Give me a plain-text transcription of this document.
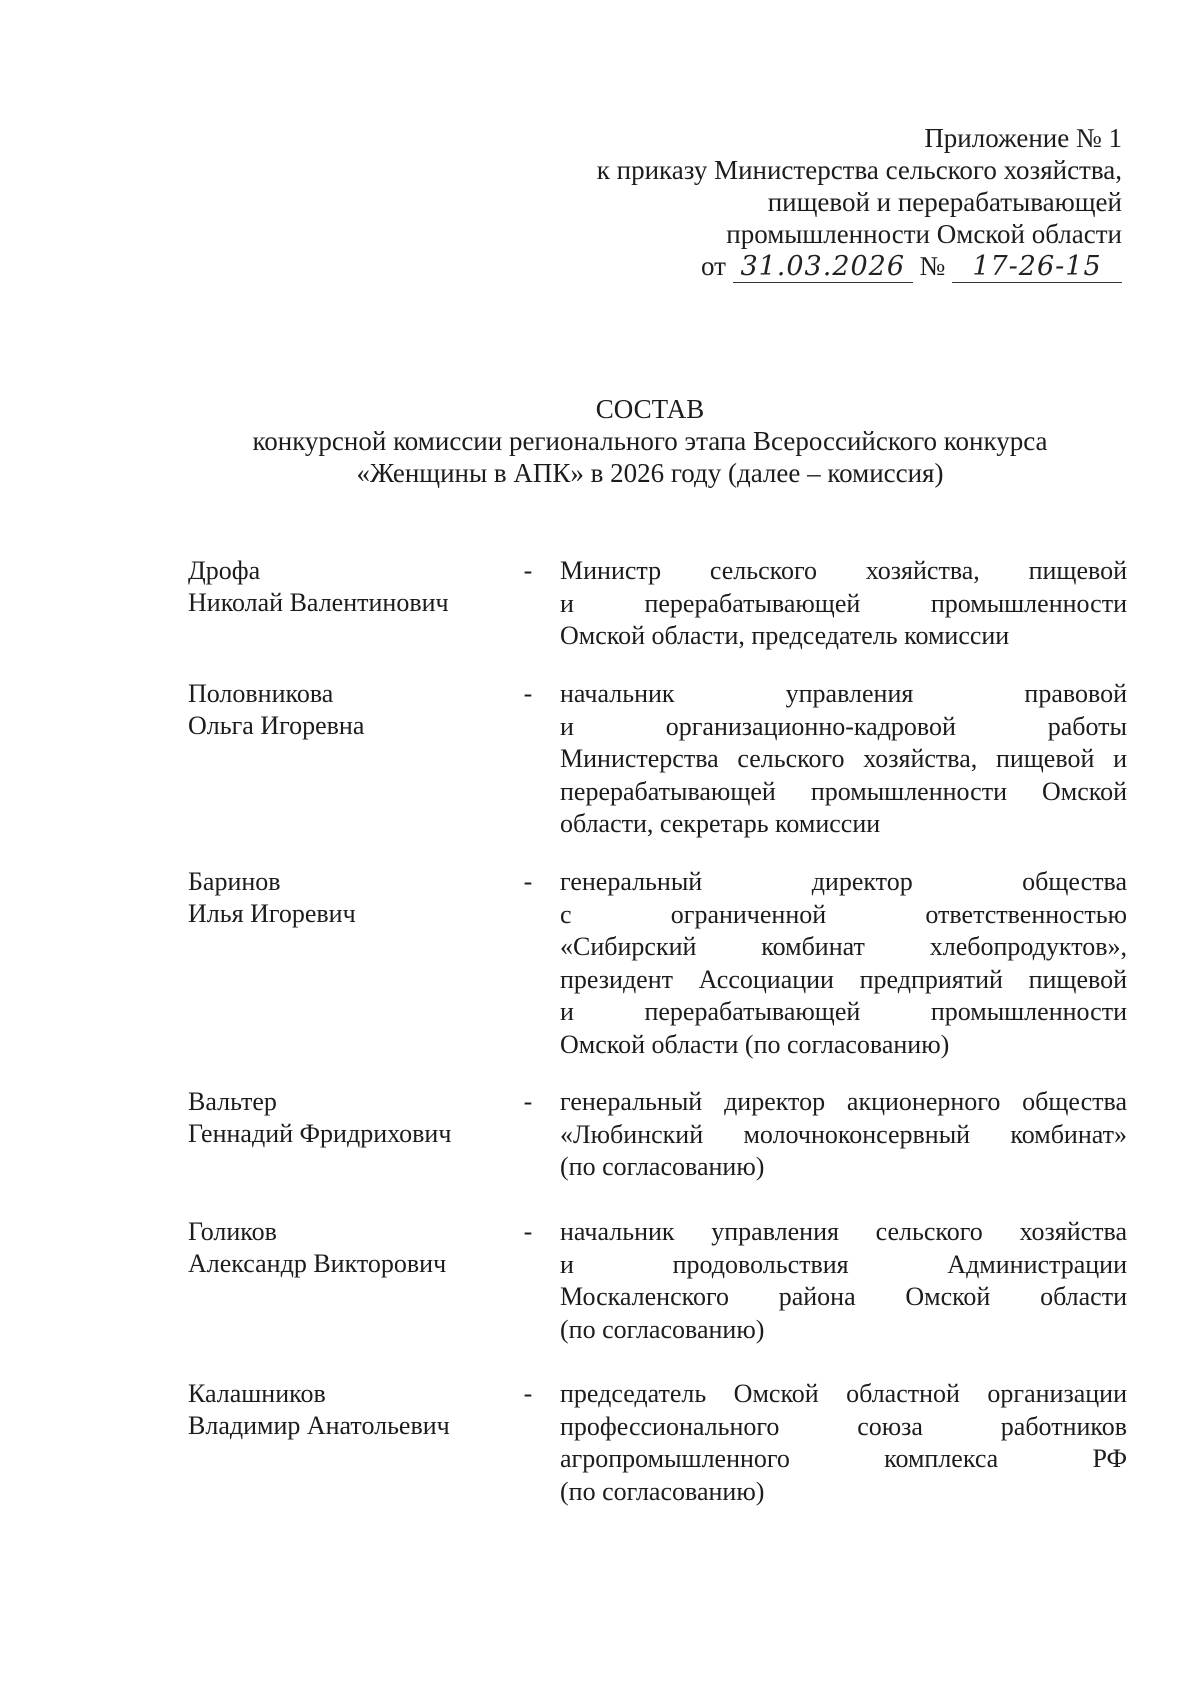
Приложение № 1
к приказу Министерства сельского хозяйства,
пищевой и перерабатывающей
промышленности Омской области
от 31.03.2026 № 17-26-15
СОСТАВ
конкурсной комиссии регионального этапа Всероссийского конкурса
«Женщины в АПК» в 2026 году (далее – комиссия)
Дрофа
Николай Валентинович
- Министр сельского хозяйства, пищевой
и перерабатывающей промышленности
Омской области, председатель комиссии
Половникова
Ольга Игоревна
- начальник управления правовой
и организационно-кадровой работы
Министерства сельского хозяйства, пищевой и
перерабатывающей промышленности Омской
области, секретарь комиссии
Баринов
Илья Игоревич
- генеральный директор общества
с ограниченной ответственностью
«Сибирский комбинат хлебопродуктов»,
президент Ассоциации предприятий пищевой
и перерабатывающей промышленности
Омской области (по согласованию)
Вальтер
Геннадий Фридрихович
- генеральный директор акционерного общества
«Любинский молочноконсервный комбинат»
(по согласованию)
Голиков
Александр Викторович
- начальник управления сельского хозяйства
и продовольствия Администрации
Москаленского района Омской области
(по согласованию)
Калашников
Владимир Анатольевич
- председатель Омской областной организации
профессионального союза работников
агропромышленного комплекса РФ
(по согласованию)
